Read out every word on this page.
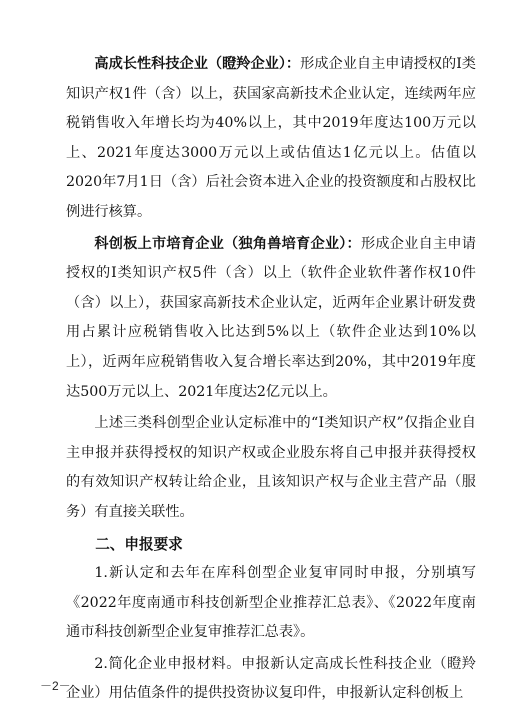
高成长性科技企业（瞪羚企业）：形成企业自主申请授权的Ⅰ类知识产权1件（含）以上，获国家高新技术企业认定，连续两年应税销售收入年增长均为40%以上，其中2019年度达100万元以上、2021年度达3000万元以上或估值达1亿元以上。估值以2020年7月1日（含）后社会资本进入企业的投资额度和占股权比例进行核算。

科创板上市培育企业（独角兽培育企业）：形成企业自主申请授权的Ⅰ类知识产权5件（含）以上（软件企业软件著作权10件（含）以上），获国家高新技术企业认定，近两年企业累计研发费用占累计应税销售收入比达到5%以上（软件企业达到10%以上），近两年应税销售收入复合增长率达到20%，其中2019年度达500万元以上、2021年度达2亿元以上。

上述三类科创型企业认定标准中的“Ⅰ类知识产权”仅指企业自主申报并获得授权的知识产权或企业股东将自己申报并获得授权的有效知识产权转让给企业，且该知识产权与企业主营产品（服务）有直接关联性。

二、申报要求

1.新认定和去年在库科创型企业复审同时申报，分别填写《2022年度南通市科技创新型企业推荐汇总表》、《2022年度南通市科技创新型企业复审推荐汇总表》。

2.简化企业申报材料。申报新认定高成长性科技企业（瞪羚企业）用估值条件的提供投资协议复印件，申报新认定科创板上

－2－
